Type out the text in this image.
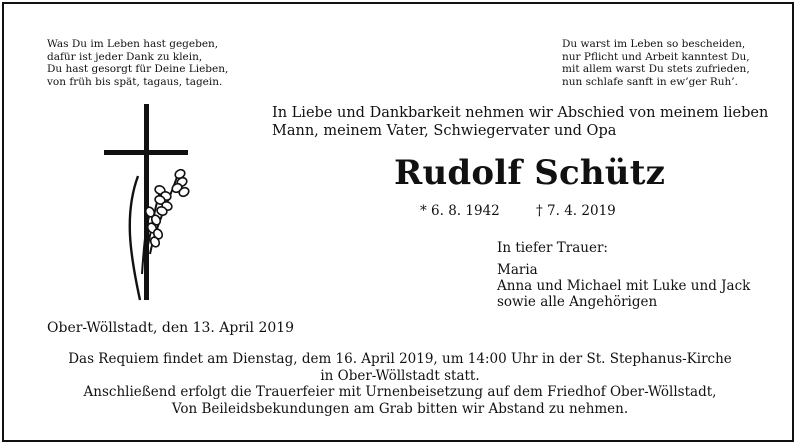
Was Du im Leben hast gegeben,
dafür ist jeder Dank zu klein,
Du hast gesorgt für Deine Lieben,
von früh bis spät, tagaus, tagein.
Du warst im Leben so bescheiden,
nur Pflicht und Arbeit kanntest Du,
mit allem warst Du stets zufrieden,
nun schlafe sanft in ew’ger Ruh’.
In Liebe und Dankbarkeit nehmen wir Abschied von meinem lieben
Mann, meinem Vater, Schwiegervater und Opa
Rudolf Schütz
* 6. 8. 1942	† 7. 4. 2019
In tiefer Trauer:
Maria
Anna und Michael mit Luke und Jack
sowie alle Angehörigen
Ober-Wöllstadt, den 13. April 2019
Das Requiem findet am Dienstag, dem 16. April 2019, um 14:00 Uhr in der St. Stephanus-Kirche
in Ober-Wöllstadt statt.
Anschließend erfolgt die Trauerfeier mit Urnenbeisetzung auf dem Friedhof Ober-Wöllstadt,
Von Beileidsbekundungen am Grab bitten wir Abstand zu nehmen.
